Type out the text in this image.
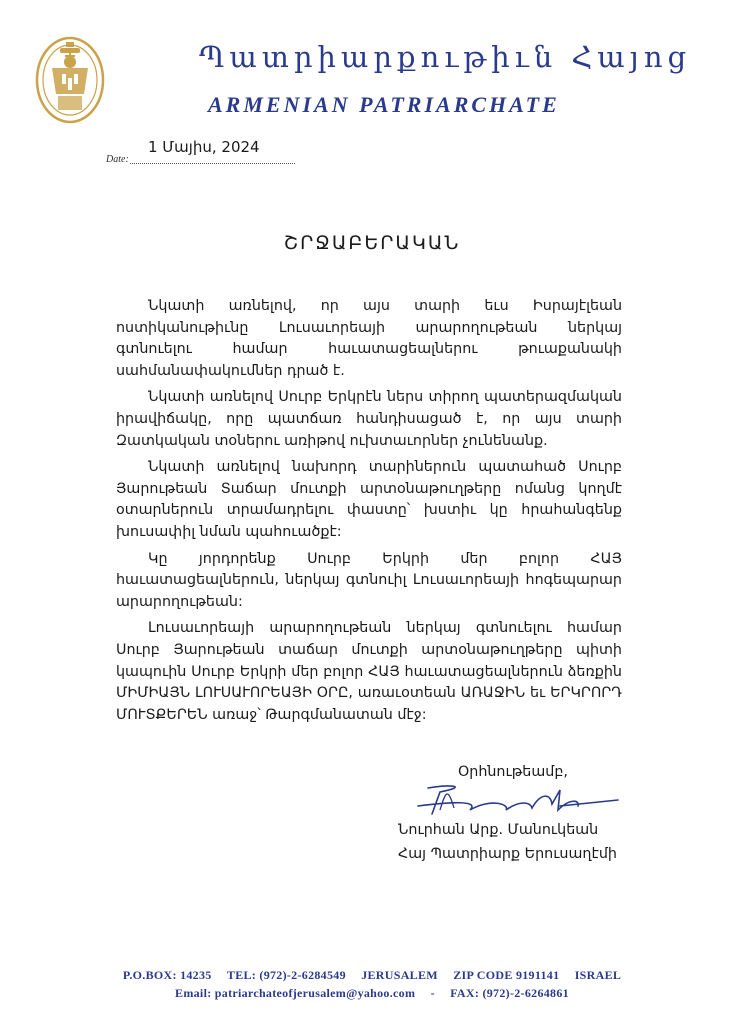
Պատրիարքութիւն Հայոց
ARMENIAN PATRIARCHATE
1 Մայիս, 2024
Date:
ՇՐՋԱԲԵՐԱԿԱՆ

Նկատի առնելով, որ այս տարի եւս Իսրայէլեան ոստիկանութիւնը Լուսաւորեայի արարողութեան ներկայ գտնուելու համար հաւատացեալներու թուաքանակի սահմանափակումներ դրած է.

Նկատի առնելով Սուրբ Երկրէն ներս տիրող պատերազմական իրավիճակը, որը պատճառ հանդիսացած է, որ այս տարի Զատկական տօներու առիթով ուխտաւորներ չունենանք.

Նկատի առնելով նախորդ տարիներուն պատահած Սուրբ Յարութեան Տաճար մուտքի արտօնաթուղթերը ոմանց կողմէ օտարներուն տրամադրելու փաստը՝ խստիւ կը հրահանգենք խուսափիլ նման պահուածքէ:

Կը յորդորենք Սուրբ Երկրի մեր բոլոր ՀԱՅ հաւատացեալներուն, ներկայ գտնուիլ Լուսաւորեայի հոգեպարար արարողութեան:

Լուսաւորեայի արարողութեան ներկայ գտնուելու համար Սուրբ Յարութեան տաճար մուտքի արտօնաթուղթերը պիտի կապուին Սուրբ Երկրի մեր բոլոր ՀԱՅ հաւատացեալներուն ձեռքին ՄԻՄԻԱՅՆ ԼՈՒՍԱՒՈՐԵԱՅԻ ՕՐԸ, առաւօտեան ԱՌԱՋԻՆ եւ ԵՐԿՐՈՐԴ ՄՈՒՏՔԵՐԵՆ առաջ՝ Թարգմանատան մէջ:

Օրհնութեամբ,
Նուրհան Արք. Մանուկեան
Հայ Պատրիարք Երուսաղէմի
P.O.BOX: 14235 TEL: (972)-2-6284549 JERUSALEM ZIP CODE 9191141 ISRAEL
Email: patriarchateofjerusalem@yahoo.com - FAX: (972)-2-6264861
